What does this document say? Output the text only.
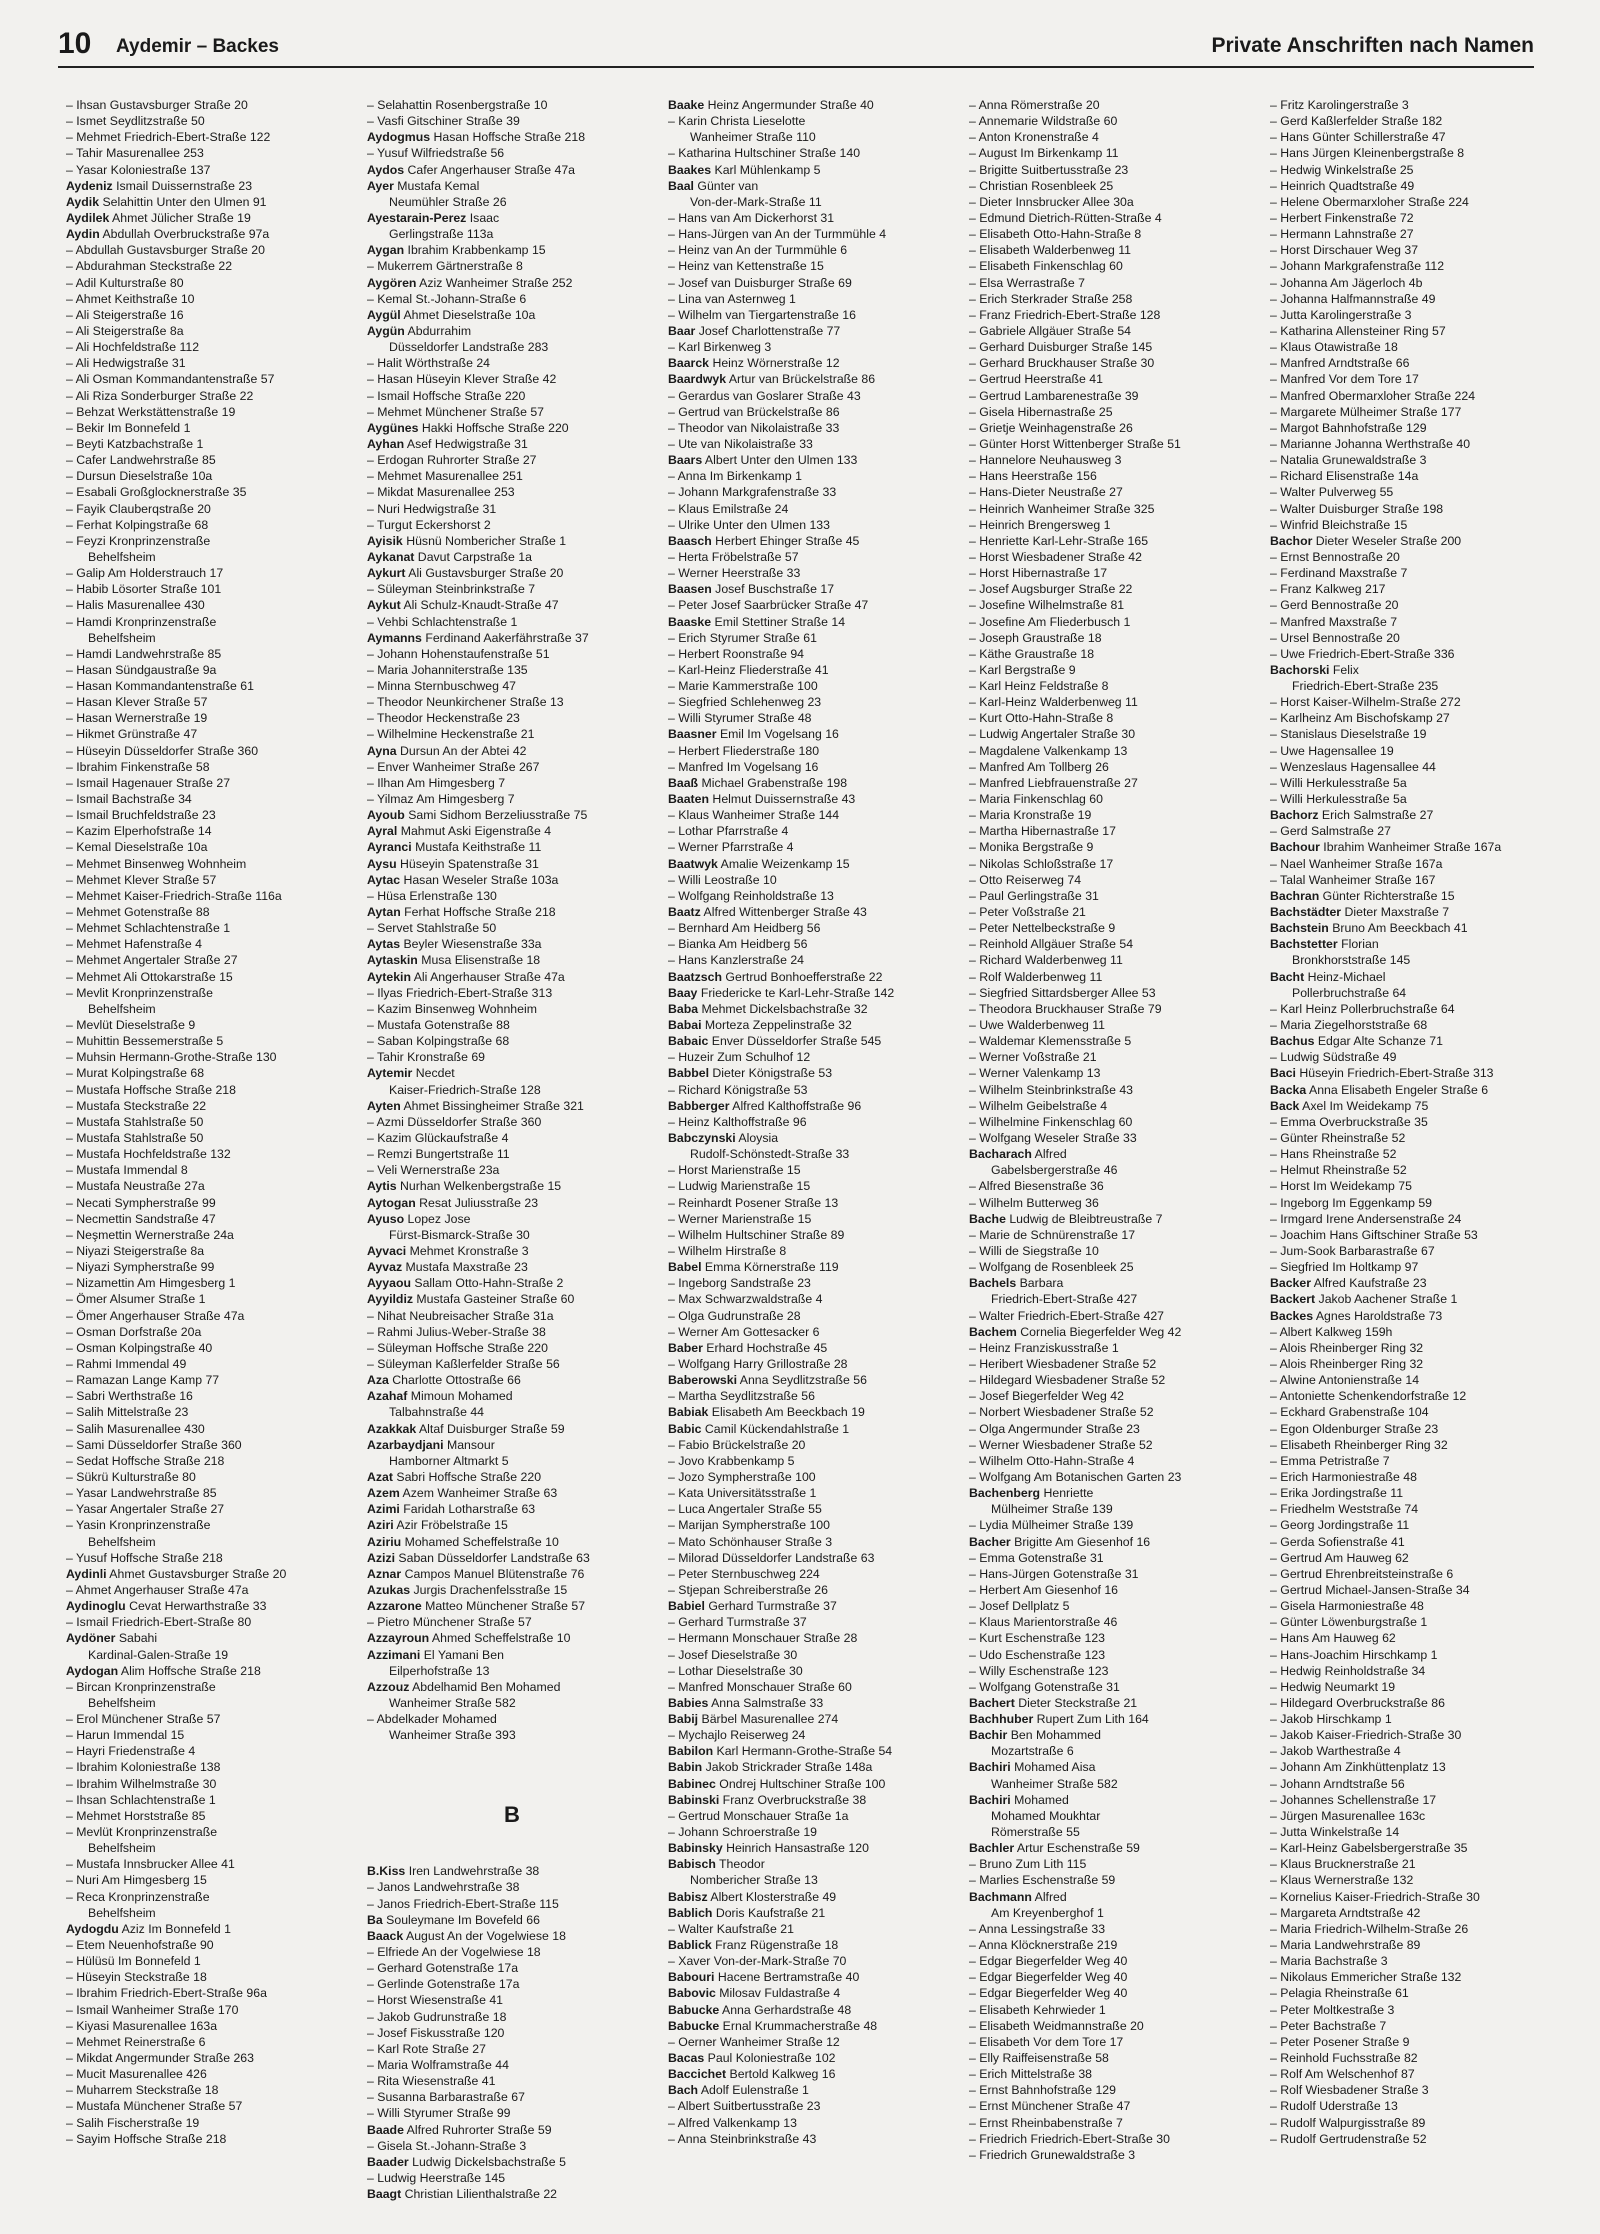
10 Aydemir – Backes	Private Anschriften nach Namen
– Ihsan Gustavsburger Straße 20
– Ismet Seydlitzstraße 50
– Mehmet Friedrich-Ebert-Straße 122
– Tahir Masurenallee 253
– Yasar Koloniestraße 137
Aydeniz Ismail Duissernstraße 23
Aydik Selahittin Unter den Ulmen 91
Aydilek Ahmet Jülicher Straße 19
Aydin Abdullah Overbruckstraße 97a
– Abdullah Gustavsburger Straße 20
– Abdurahman Steckstraße 22
– Adil Kulturstraße 80
– Ahmet Keithstraße 10
– Ali Steigerstraße 16
– Ali Steigerstraße 8a
– Ali Hochfeldstraße 112
– Ali Hedwigstraße 31
– Ali Osman Kommandantenstraße 57
– Ali Riza Sonderburger Straße 22
– Behzat Werkstättenstraße 19
– Bekir Im Bonnefeld 1
– Beyti Katzbachstraße 1
– Cafer Landwehrstraße 85
– Dursun Dieselstraße 10a
– Esabali Großglocknerstraße 35
– Fayik Clauberqstraße 20
– Ferhat Kolpingstraße 68
– Feyzi Kronprinzenstraße
Behelfsheim
– Galip Am Holderstrauch 17
– Habib Lösorter Straße 101
– Halis Masurenallee 430
– Hamdi Kronprinzenstraße
Behelfsheim
– Hamdi Landwehrstraße 85
– Hasan Sündgaustraße 9a
– Hasan Kommandantenstraße 61
– Hasan Klever Straße 57
– Hasan Wernerstraße 19
– Hikmet Grünstraße 47
– Hüseyin Düsseldorfer Straße 360
– Ibrahim Finkenstraße 58
– Ismail Hagenauer Straße 27
– Ismail Bachstraße 34
– Ismail Bruchfeldstraße 23
– Kazim Elperhofstraße 14
– Kemal Dieselstraße 10a
– Mehmet Binsenweg Wohnheim
– Mehmet Klever Straße 57
– Mehmet Kaiser-Friedrich-Straße 116a
– Mehmet Gotenstraße 88
– Mehmet Schlachtenstraße 1
– Mehmet Hafenstraße 4
– Mehmet Angertaler Straße 27
– Mehmet Ali Ottokarstraße 15
– Mevlit Kronprinzenstraße
Behelfsheim
– Mevlüt Dieselstraße 9
– Muhittin Bessemerstraße 5
– Muhsin Hermann-Grothe-Straße 130
– Murat Kolpingstraße 68
– Mustafa Hoffsche Straße 218
– Mustafa Steckstraße 22
– Mustafa Stahlstraße 50
– Mustafa Stahlstraße 50
– Mustafa Hochfeldstraße 132
– Mustafa Immendal 8
– Mustafa Neustraße 27a
– Necati Sympherstraße 99
– Necmettin Sandstraße 47
– Neşmettin Wernerstraße 24a
– Niyazi Steigerstraße 8a
– Niyazi Sympherstraße 99
– Nizamettin Am Himgesberg 1
– Ömer Alsumer Straße 1
– Ömer Angerhauser Straße 47a
– Osman Dorfstraße 20a
– Osman Kolpingstraße 40
– Rahmi Immendal 49
– Ramazan Lange Kamp 77
– Sabri Werthstraße 16
– Salih Mittelstraße 23
– Salih Masurenallee 430
– Sami Düsseldorfer Straße 360
– Sedat Hoffsche Straße 218
– Sükrü Kulturstraße 80
– Yasar Landwehrstraße 85
– Yasar Angertaler Straße 27
– Yasin Kronprinzenstraße
Behelfsheim
– Yusuf Hoffsche Straße 218
Aydinli Ahmet Gustavsburger Straße 20
– Ahmet Angerhauser Straße 47a
Aydinoglu Cevat Herwarthstraße 33
– Ismail Friedrich-Ebert-Straße 80
Aydöner Sabahi
Kardinal-Galen-Straße 19
Aydogan Alim Hoffsche Straße 218
– Bircan Kronprinzenstraße
Behelfsheim
– Erol Münchener Straße 57
– Harun Immendal 15
– Hayri Friedenstraße 4
– Ibrahim Koloniestraße 138
– Ibrahim Wilhelmstraße 30
– Ihsan Schlachtenstraße 1
– Mehmet Horststraße 85
– Mevlüt Kronprinzenstraße
Behelfsheim
– Mustafa Innsbrucker Allee 41
– Nuri Am Himgesberg 15
– Reca Kronprinzenstraße
Behelfsheim
Aydogdu Aziz Im Bonnefeld 1
– Etem Neuenhofstraße 90
– Hülüsü Im Bonnefeld 1
– Hüseyin Steckstraße 18
– Ibrahim Friedrich-Ebert-Straße 96a
– Ismail Wanheimer Straße 170
– Kiyasi Masurenallee 163a
– Mehmet Reinerstraße 6
– Mikdat Angermunder Straße 263
– Mucit Masurenallee 426
– Muharrem Steckstraße 18
– Mustafa Münchener Straße 57
– Salih Fischerstraße 19
– Sayim Hoffsche Straße 218
– Selahattin Rosenbergstraße 10
– Vasfi Gitschiner Straße 39
Aydogmus Hasan Hoffsche Straße 218
– Yusuf Wilfriedstraße 56
Aydos Cafer Angerhauser Straße 47a
Ayer Mustafa Kemal
Neumühler Straße 26
Ayestarain-Perez Isaac
Gerlingstraße 113a
Aygan Ibrahim Krabbenkamp 15
– Mukerrem Gärtnerstraße 8
Aygören Aziz Wanheimer Straße 252
– Kemal St.-Johann-Straße 6
Aygül Ahmet Dieselstraße 10a
Aygün Abdurrahim
Düsseldorfer Landstraße 283
– Halit Wörthstraße 24
– Hasan Hüseyin Klever Straße 42
– Ismail Hoffsche Straße 220
– Mehmet Münchener Straße 57
Aygünes Hakki Hoffsche Straße 220
Ayhan Asef Hedwigstraße 31
– Erdogan Ruhrorter Straße 27
– Mehmet Masurenallee 251
– Mikdat Masurenallee 253
– Nuri Hedwigstraße 31
– Turgut Eckershorst 2
Ayisik Hüsnü Nombericher Straße 1
Aykanat Davut Carpstraße 1a
Aykurt Ali Gustavsburger Straße 20
– Süleyman Steinbrinkstraße 7
Aykut Ali Schulz-Knaudt-Straße 47
– Vehbi Schlachtenstraße 1
Aymanns Ferdinand Aakerfährstraße 37
– Johann Hohenstaufenstraße 51
– Maria Johanniterstraße 135
– Minna Sternbuschweg 47
– Theodor Neunkirchener Straße 13
– Theodor Heckenstraße 23
– Wilhelmine Heckenstraße 21
Ayna Dursun An der Abtei 42
– Enver Wanheimer Straße 267
– Ilhan Am Himgesberg 7
– Yilmaz Am Himgesberg 7
Ayoub Sami Sidhom Berzeliusstraße 75
Ayral Mahmut Aski Eigenstraße 4
Ayranci Mustafa Keithstraße 11
Aysu Hüseyin Spatenstraße 31
Aytac Hasan Weseler Straße 103a
– Hüsa Erlenstraße 130
Aytan Ferhat Hoffsche Straße 218
– Servet Stahlstraße 50
Aytas Beyler Wiesenstraße 33a
Aytaskin Musa Elisenstraße 18
Aytekin Ali Angerhauser Straße 47a
– Ilyas Friedrich-Ebert-Straße 313
– Kazim Binsenweg Wohnheim
– Mustafa Gotenstraße 88
– Saban Kolpingstraße 68
– Tahir Kronstraße 69
Aytemir Necdet
Kaiser-Friedrich-Straße 128
Ayten Ahmet Bissingheimer Straße 321
– Azmi Düsseldorfer Straße 360
– Kazim Glückaufstraße 4
– Remzi Bungertstraße 11
– Veli Wernerstraße 23a
Aytis Nurhan Welkenbergstraße 15
Aytogan Resat Juliusstraße 23
Ayuso Lopez Jose
Fürst-Bismarck-Straße 30
Ayvaci Mehmet Kronstraße 3
Ayvaz Mustafa Maxstraße 23
Ayyaou Sallam Otto-Hahn-Straße 2
Ayyildiz Mustafa Gasteiner Straße 60
– Nihat Neubreisacher Straße 31a
– Rahmi Julius-Weber-Straße 38
– Süleyman Hoffsche Straße 220
– Süleyman Kaßlerfelder Straße 56
Aza Charlotte Ottostraße 66
Azahaf Mimoun Mohamed
Talbahnstraße 44
Azakkak Altaf Duisburger Straße 59
Azarbaydjani Mansour
Hamborner Altmarkt 5
Azat Sabri Hoffsche Straße 220
Azem Azem Wanheimer Straße 63
Azimi Faridah Lotharstraße 63
Aziri Azir Fröbelstraße 15
Aziriu Mohamed Scheffelstraße 10
Azizi Saban Düsseldorfer Landstraße 63
Aznar Campos Manuel Blütenstraße 76
Azukas Jurgis Drachenfelsstraße 15
Azzarone Matteo Münchener Straße 57
– Pietro Münchener Straße 57
Azzayroun Ahmed Scheffelstraße 10
Azzimani El Yamani Ben
Eilperhofstraße 13
Azzouz Abdelhamid Ben Mohamed
Wanheimer Straße 582
– Abdelkader Mohamed
Wanheimer Straße 393
B
B.Kiss Iren Landwehrstraße 38
– Janos Landwehrstraße 38
– Janos Friedrich-Ebert-Straße 115
Ba Souleymane Im Bovefeld 66
Baack August An der Vogelwiese 18
– Elfriede An der Vogelwiese 18
– Gerhard Gotenstraße 17a
– Gerlinde Gotenstraße 17a
– Horst Wiesenstraße 41
– Jakob Gudrunstraße 18
– Josef Fiskusstraße 120
– Karl Rote Straße 27
– Maria Wolframstraße 44
– Rita Wiesenstraße 41
– Susanna Barbarastraße 67
– Willi Styrumer Straße 99
Baade Alfred Ruhrorter Straße 59
– Gisela St.-Johann-Straße 3
Baader Ludwig Dickelsbachstraße 5
– Ludwig Heerstraße 145
Baagt Christian Lilienthalstraße 22
Baake Heinz Angermunder Straße 40
– Karin Christa Lieselotte
Wanheimer Straße 110
– Katharina Hultschiner Straße 140
Baakes Karl Mühlenkamp 5
Baal Günter van
Von-der-Mark-Straße 11
– Hans van Am Dickerhorst 31
– Hans-Jürgen van An der Turmmühle 4
– Heinz van An der Turmmühle 6
– Heinz van Kettenstraße 15
– Josef van Duisburger Straße 69
– Lina van Asternweg 1
– Wilhelm van Tiergartenstraße 16
Baar Josef Charlottenstraße 77
– Karl Birkenweg 3
Baarck Heinz Wörnerstraße 12
Baardwyk Artur van Brückelstraße 86
– Gerardus van Goslarer Straße 43
– Gertrud van Brückelstraße 86
– Theodor van Nikolaistraße 33
– Ute van Nikolaistraße 33
Baars Albert Unter den Ulmen 133
– Anna Im Birkenkamp 1
– Johann Markgrafenstraße 33
– Klaus Emilstraße 24
– Ulrike Unter den Ulmen 133
Baasch Herbert Ehinger Straße 45
– Herta Fröbelstraße 57
– Werner Heerstraße 33
Baasen Josef Buschstraße 17
– Peter Josef Saarbrücker Straße 47
Baaske Emil Stettiner Straße 14
– Erich Styrumer Straße 61
– Herbert Roonstraße 94
– Karl-Heinz Fliederstraße 41
– Marie Kammerstraße 100
– Siegfried Schlehenweg 23
– Willi Styrumer Straße 48
Baasner Emil Im Vogelsang 16
– Herbert Fliederstraße 180
– Manfred Im Vogelsang 16
Baaß Michael Grabenstraße 198
Baaten Helmut Duissernstraße 43
– Klaus Wanheimer Straße 144
– Lothar Pfarrstraße 4
– Werner Pfarrstraße 4
Baatwyk Amalie Weizenkamp 15
– Willi Leostraße 10
– Wolfgang Reinholdstraße 13
Baatz Alfred Wittenberger Straße 43
– Bernhard Am Heidberg 56
– Bianka Am Heidberg 56
– Hans Kanzlerstraße 24
Baatzsch Gertrud Bonhoefferstraße 22
Baay Friedericke te Karl-Lehr-Straße 142
Baba Mehmet Dickelsbachstraße 32
Babai Morteza Zeppelinstraße 32
Babaic Enver Düsseldorfer Straße 545
– Huzeir Zum Schulhof 12
Babbel Dieter Königstraße 53
– Richard Königstraße 53
Babberger Alfred Kalthoffstraße 96
– Heinz Kalthoffstraße 96
Babczynski Aloysia
Rudolf-Schönstedt-Straße 33
– Horst Marienstraße 15
– Ludwig Marienstraße 15
– Reinhardt Posener Straße 13
– Werner Marienstraße 15
– Wilhelm Hultschiner Straße 89
– Wilhelm Hirstraße 8
Babel Emma Körnerstraße 119
– Ingeborg Sandstraße 23
– Max Schwarzwaldstraße 4
– Olga Gudrunstraße 28
– Werner Am Gottesacker 6
Baber Erhard Hochstraße 45
– Wolfgang Harry Grillostraße 28
Baberowski Anna Seydlitzstraße 56
– Martha Seydlitzstraße 56
Babiak Elisabeth Am Beeckbach 19
Babic Camil Kückendahlstraße 1
– Fabio Brückelstraße 20
– Jovo Krabbenkamp 5
– Jozo Sympherstraße 100
– Kata Universitätsstraße 1
– Luca Angertaler Straße 55
– Marijan Sympherstraße 100
– Mato Schönhauser Straße 3
– Milorad Düsseldorfer Landstraße 63
– Peter Sternbuschweg 224
– Stjepan Schreiberstraße 26
Babiel Gerhard Turmstraße 37
– Gerhard Turmstraße 37
– Hermann Monschauer Straße 28
– Josef Dieselstraße 30
– Lothar Dieselstraße 30
– Manfred Monschauer Straße 60
Babies Anna Salmstraße 33
Babij Bärbel Masurenallee 274
– Mychajlo Reiserweg 24
Babilon Karl Hermann-Grothe-Straße 54
Babin Jakob Strickrader Straße 148a
Babinec Ondrej Hultschiner Straße 100
Babinski Franz Overbruckstraße 38
– Gertrud Monschauer Straße 1a
– Johann Schroerstraße 19
Babinsky Heinrich Hansastraße 120
Babisch Theodor
Nombericher Straße 13
Babisz Albert Klosterstraße 49
Bablich Doris Kaufstraße 21
– Walter Kaufstraße 21
Bablick Franz Rügenstraße 18
– Xaver Von-der-Mark-Straße 70
Babouri Hacene Bertramstraße 40
Babovic Milosav Fuldastraße 4
Babucke Anna Gerhardstraße 48
Babucke Ernal Krummacherstraße 48
– Oerner Wanheimer Straße 12
Bacas Paul Koloniestraße 102
Baccichet Bertold Kalkweg 16
Bach Adolf Eulenstraße 1
– Albert Suitbertusstraße 23
– Alfred Valkenkamp 13
– Anna Steinbrinkstraße 43
– Anna Römerstraße 20
– Annemarie Wildstraße 60
– Anton Kronenstraße 4
– August Im Birkenkamp 11
– Brigitte Suitbertusstraße 23
– Christian Rosenbleek 25
– Dieter Innsbrucker Allee 30a
– Edmund Dietrich-Rütten-Straße 4
– Elisabeth Otto-Hahn-Straße 8
– Elisabeth Walderbenweg 11
– Elisabeth Finkenschlag 60
– Elsa Werrastraße 7
– Erich Sterkrader Straße 258
– Franz Friedrich-Ebert-Straße 128
– Gabriele Allgäuer Straße 54
– Gerhard Duisburger Straße 145
– Gerhard Bruckhauser Straße 30
– Gertrud Heerstraße 41
– Gertrud Lambarenestraße 39
– Gisela Hibernastraße 25
– Grietje Weinhagenstraße 26
– Günter Horst Wittenberger Straße 51
– Hannelore Neuhausweg 3
– Hans Heerstraße 156
– Hans-Dieter Neustraße 27
– Heinrich Wanheimer Straße 325
– Heinrich Brengersweg 1
– Henriette Karl-Lehr-Straße 165
– Horst Wiesbadener Straße 42
– Horst Hibernastraße 17
– Josef Augsburger Straße 22
– Josefine Wilhelmstraße 81
– Josefine Am Fliederbusch 1
– Joseph Graustraße 18
– Käthe Graustraße 18
– Karl Bergstraße 9
– Karl Heinz Feldstraße 8
– Karl-Heinz Walderbenweg 11
– Kurt Otto-Hahn-Straße 8
– Ludwig Angertaler Straße 30
– Magdalene Valkenkamp 13
– Manfred Am Tollberg 26
– Manfred Liebfrauenstraße 27
– Maria Finkenschlag 60
– Maria Kronstraße 19
– Martha Hibernastraße 17
– Monika Bergstraße 9
– Nikolas Schloßstraße 17
– Otto Reiserweg 74
– Paul Gerlingstraße 31
– Peter Voßstraße 21
– Peter Nettelbeckstraße 9
– Reinhold Allgäuer Straße 54
– Richard Walderbenweg 11
– Rolf Walderbenweg 11
– Siegfried Sittardsberger Allee 53
– Theodora Bruckhauser Straße 79
– Uwe Walderbenweg 11
– Waldemar Klemensstraße 5
– Werner Voßstraße 21
– Werner Valenkamp 13
– Wilhelm Steinbrinkstraße 43
– Wilhelm Geibelstraße 4
– Wilhelmine Finkenschlag 60
– Wolfgang Weseler Straße 33
Bacharach Alfred
Gabelsbergerstraße 46
– Alfred Biesenstraße 36
– Wilhelm Butterweg 36
Bache Ludwig de Bleibtreustraße 7
– Marie de Schnürenstraße 17
– Willi de Siegstraße 10
– Wolfgang de Rosenbleek 25
Bachels Barbara
Friedrich-Ebert-Straße 427
– Walter Friedrich-Ebert-Straße 427
Bachem Cornelia Biegerfelder Weg 42
– Heinz Franziskusstraße 1
– Heribert Wiesbadener Straße 52
– Hildegard Wiesbadener Straße 52
– Josef Biegerfelder Weg 42
– Norbert Wiesbadener Straße 52
– Olga Angermunder Straße 23
– Werner Wiesbadener Straße 52
– Wilhelm Otto-Hahn-Straße 4
– Wolfgang Am Botanischen Garten 23
Bachenberg Henriette
Mülheimer Straße 139
– Lydia Mülheimer Straße 139
Bacher Brigitte Am Giesenhof 16
– Emma Gotenstraße 31
– Hans-Jürgen Gotenstraße 31
– Herbert Am Giesenhof 16
– Josef Dellplatz 5
– Klaus Marientorstraße 46
– Kurt Eschenstraße 123
– Udo Eschenstraße 123
– Willy Eschenstraße 123
– Wolfgang Gotenstraße 31
Bachert Dieter Steckstraße 21
Bachhuber Rupert Zum Lith 164
Bachir Ben Mohammed
Mozartstraße 6
Bachiri Mohamed Aisa
Wanheimer Straße 582
Bachiri Mohamed
Mohamed Moukhtar
Römerstraße 55
Bachler Artur Eschenstraße 59
– Bruno Zum Lith 115
– Marlies Eschenstraße 59
Bachmann Alfred
Am Kreyenberghof 1
– Anna Lessingstraße 33
– Anna Klöcknerstraße 219
– Edgar Biegerfelder Weg 40
– Edgar Biegerfelder Weg 40
– Edgar Biegerfelder Weg 40
– Elisabeth Kehrwieder 1
– Elisabeth Weidmannstraße 20
– Elisabeth Vor dem Tore 17
– Elly Raiffeisenstraße 58
– Erich Mittelstraße 38
– Ernst Bahnhofstraße 129
– Ernst Münchener Straße 47
– Ernst Rheinbabenstraße 7
– Friedrich Friedrich-Ebert-Straße 30
– Friedrich Grunewaldstraße 3
– Fritz Karolingerstraße 3
– Gerd Kaßlerfelder Straße 182
– Hans Günter Schillerstraße 47
– Hans Jürgen Kleinenbergstraße 8
– Hedwig Winkelstraße 25
– Heinrich Quadtstraße 49
– Helene Obermarxloher Straße 224
– Herbert Finkenstraße 72
– Hermann Lahnstraße 27
– Horst Dirschauer Weg 37
– Johann Markgrafenstraße 112
– Johanna Am Jägerloch 4b
– Johanna Halfmannstraße 49
– Jutta Karolingerstraße 3
– Katharina Allensteiner Ring 57
– Klaus Otawistraße 18
– Manfred Arndtstraße 66
– Manfred Vor dem Tore 17
– Manfred Obermarxloher Straße 224
– Margarete Mülheimer Straße 177
– Margot Bahnhofstraße 129
– Marianne Johanna Werthstraße 40
– Natalia Grunewaldstraße 3
– Richard Elisenstraße 14a
– Walter Pulverweg 55
– Walter Duisburger Straße 198
– Winfrid Bleichstraße 15
Bachor Dieter Weseler Straße 200
– Ernst Bennostraße 20
– Ferdinand Maxstraße 7
– Franz Kalkweg 217
– Gerd Bennostraße 20
– Manfred Maxstraße 7
– Ursel Bennostraße 20
– Uwe Friedrich-Ebert-Straße 336
Bachorski Felix
Friedrich-Ebert-Straße 235
– Horst Kaiser-Wilhelm-Straße 272
– Karlheinz Am Bischofskamp 27
– Stanislaus Dieselstraße 19
– Uwe Hagensallee 19
– Wenzeslaus Hagensallee 44
– Willi Herkulesstraße 5a
– Willi Herkulesstraße 5a
Bachorz Erich Salmstraße 27
– Gerd Salmstraße 27
Bachour Ibrahim Wanheimer Straße 167a
– Nael Wanheimer Straße 167a
– Talal Wanheimer Straße 167
Bachran Günter Richterstraße 15
Bachstädter Dieter Maxstraße 7
Bachstein Bruno Am Beeckbach 41
Bachstetter Florian
Bronkhorststraße 145
Bacht Heinz-Michael
Pollerbruchstraße 64
– Karl Heinz Pollerbruchstraße 64
– Maria Ziegelhorststraße 68
Bachus Edgar Alte Schanze 71
– Ludwig Südstraße 49
Baci Hüseyin Friedrich-Ebert-Straße 313
Backa Anna Elisabeth Engeler Straße 6
Back Axel Im Weidekamp 75
– Emma Overbruckstraße 35
– Günter Rheinstraße 52
– Hans Rheinstraße 52
– Helmut Rheinstraße 52
– Horst Im Weidekamp 75
– Ingeborg Im Eggenkamp 59
– Irmgard Irene Andersenstraße 24
– Joachim Hans Giftschiner Straße 53
– Jum-Sook Barbarastraße 67
– Siegfried Im Holtkamp 97
Backer Alfred Kaufstraße 23
Backert Jakob Aachener Straße 1
Backes Agnes Haroldstraße 73
– Albert Kalkweg 159h
– Alois Rheinberger Ring 32
– Alois Rheinberger Ring 32
– Alwine Antonienstraße 14
– Antoniette Schenkendorfstraße 12
– Eckhard Grabenstraße 104
– Egon Oldenburger Straße 23
– Elisabeth Rheinberger Ring 32
– Emma Petristraße 7
– Erich Harmoniestraße 48
– Erika Jordingstraße 11
– Friedhelm Weststraße 74
– Georg Jordingstraße 11
– Gerda Sofienstraße 41
– Gertrud Am Hauweg 62
– Gertrud Ehrenbreitsteinstraße 6
– Gertrud Michael-Jansen-Straße 34
– Gisela Harmoniestraße 48
– Günter Löwenburgstraße 1
– Hans Am Hauweg 62
– Hans-Joachim Hirschkamp 1
– Hedwig Reinholdstraße 34
– Hedwig Neumarkt 19
– Hildegard Overbruckstraße 86
– Jakob Hirschkamp 1
– Jakob Kaiser-Friedrich-Straße 30
– Jakob Warthestraße 4
– Johann Am Zinkhüttenplatz 13
– Johann Arndtstraße 56
– Johannes Schellenstraße 17
– Jürgen Masurenallee 163c
– Jutta Winkelstraße 14
– Karl-Heinz Gabelsbergerstraße 35
– Klaus Brucknerstraße 21
– Klaus Wernerstraße 132
– Kornelius Kaiser-Friedrich-Straße 30
– Margareta Arndtstraße 42
– Maria Friedrich-Wilhelm-Straße 26
– Maria Landwehrstraße 89
– Maria Bachstraße 3
– Nikolaus Emmericher Straße 132
– Pelagia Rheinstraße 61
– Peter Moltkestraße 3
– Peter Bachstraße 7
– Peter Posener Straße 9
– Reinhold Fuchsstraße 82
– Rolf Am Welschenhof 87
– Rolf Wiesbadener Straße 3
– Rudolf Uderstraße 13
– Rudolf Walpurgisstraße 89
– Rudolf Gertrudenstraße 52
